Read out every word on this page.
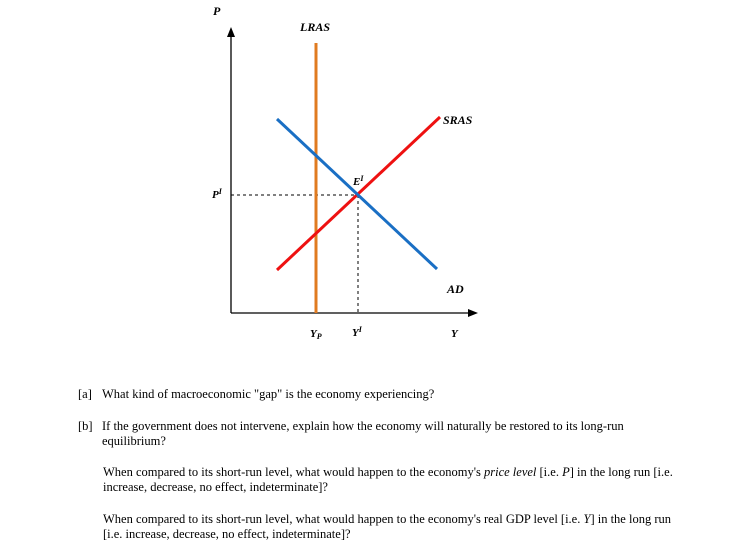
P
LRAS
SRAS
AD
$E^I$
$P^I$
YP	$Y^I$	Y
[a] What kind of macroeconomic "gap" is the economy experiencing?
[b] If the government does not intervene, explain how the economy will naturally be restored to its long-run equilibrium?
When compared to its short-run level, what would happen to the economy's price level [i.e. P] in the long run [i.e. increase, decrease, no effect, indeterminate]?
When compared to its short-run level, what would happen to the economy's real GDP level [i.e. Y] in the long run [i.e. increase, decrease, no effect, indeterminate]?
